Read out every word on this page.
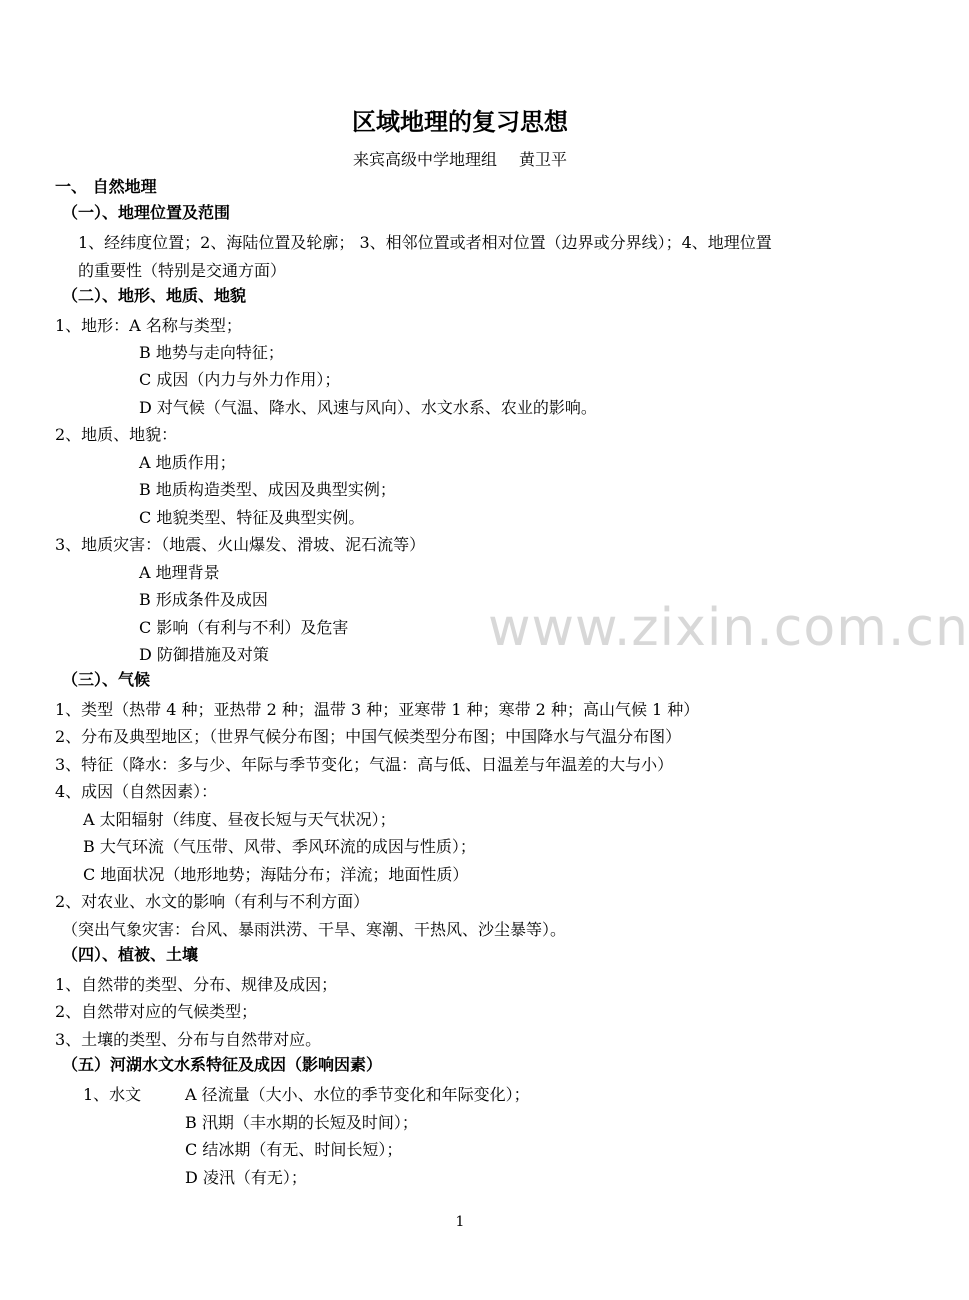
区域地理的复习思想
来宾高级中学地理组 黄卫平
一、 自然地理
（一）、地理位置及范围
1、经纬度位置；2、海陆位置及轮廓； 3、相邻位置或者相对位置（边界或分界线）；4、地理位置
的重要性（特别是交通方面）
（二）、地形、地质、地貌
1、地形：A 名称与类型；
B 地势与走向特征；
C 成因（内力与外力作用）；
D 对气候（气温、降水、风速与风向）、水文水系、农业的影响。
2、地质、地貌：
A 地质作用；
B 地质构造类型、成因及典型实例；
C 地貌类型、特征及典型实例。
3、地质灾害：（地震、火山爆发、滑坡、泥石流等）
A 地理背景
B 形成条件及成因
C 影响（有利与不利）及危害
D 防御措施及对策
（三）、气候
1、类型（热带 4 种；亚热带 2 种；温带 3 种；亚寒带 1 种；寒带 2 种；高山气候 1 种）
2、分布及典型地区；（世界气候分布图；中国气候类型分布图；中国降水与气温分布图）
3、特征（降水：多与少、年际与季节变化；气温：高与低、日温差与年温差的大与小）
4、成因（自然因素）：
A 太阳辐射（纬度、昼夜长短与天气状况）；
B 大气环流（气压带、风带、季风环流的成因与性质）；
C 地面状况（地形地势；海陆分布；洋流；地面性质）
2、对农业、水文的影响（有利与不利方面）
（突出气象灾害：台风、暴雨洪涝、干旱、寒潮、干热风、沙尘暴等）。
（四）、植被、土壤
1、自然带的类型、分布、规律及成因；
2、自然带对应的气候类型；
3、土壤的类型、分布与自然带对应。
（五）河湖水文水系特征及成因（影响因素）
1、水文	A 径流量（大小、水位的季节变化和年际变化）；
B 汛期（丰水期的长短及时间）；
C 结冰期（有无、时间长短）；
D 凌汛（有无）；
www.zixin.com.cn
1
